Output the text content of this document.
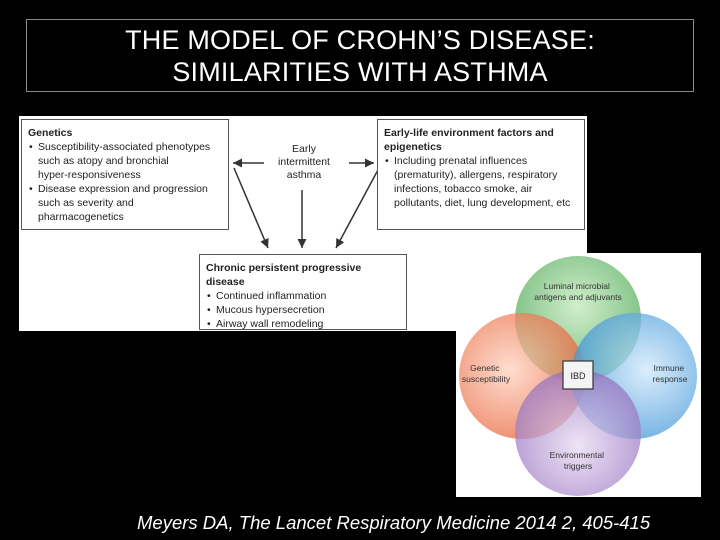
THE MODEL OF CROHN’S DISEASE:
SIMILARITIES WITH ASTHMA
Genetics
• Susceptibility-associated phenotypes
such as atopy and bronchial
hyper-responsiveness
• Disease expression and progression
such as severity and pharmacogenetics
Early
intermittent
asthma
Early-life environment factors and
epigenetics
• Including prenatal influences
(prematurity), allergens, respiratory
infections, tobacco smoke, air
pollutants, diet, lung development, etc
Chronic persistent progressive disease
• Continued inflammation
• Mucous hypersecretion
• Airway wall remodeling
IBD
Luminal microbial antigens and adjuvants
Genetic susceptibility
Immune response
Environmental triggers
Meyers DA, The Lancet Respiratory Medicine 2014 2, 405-415
